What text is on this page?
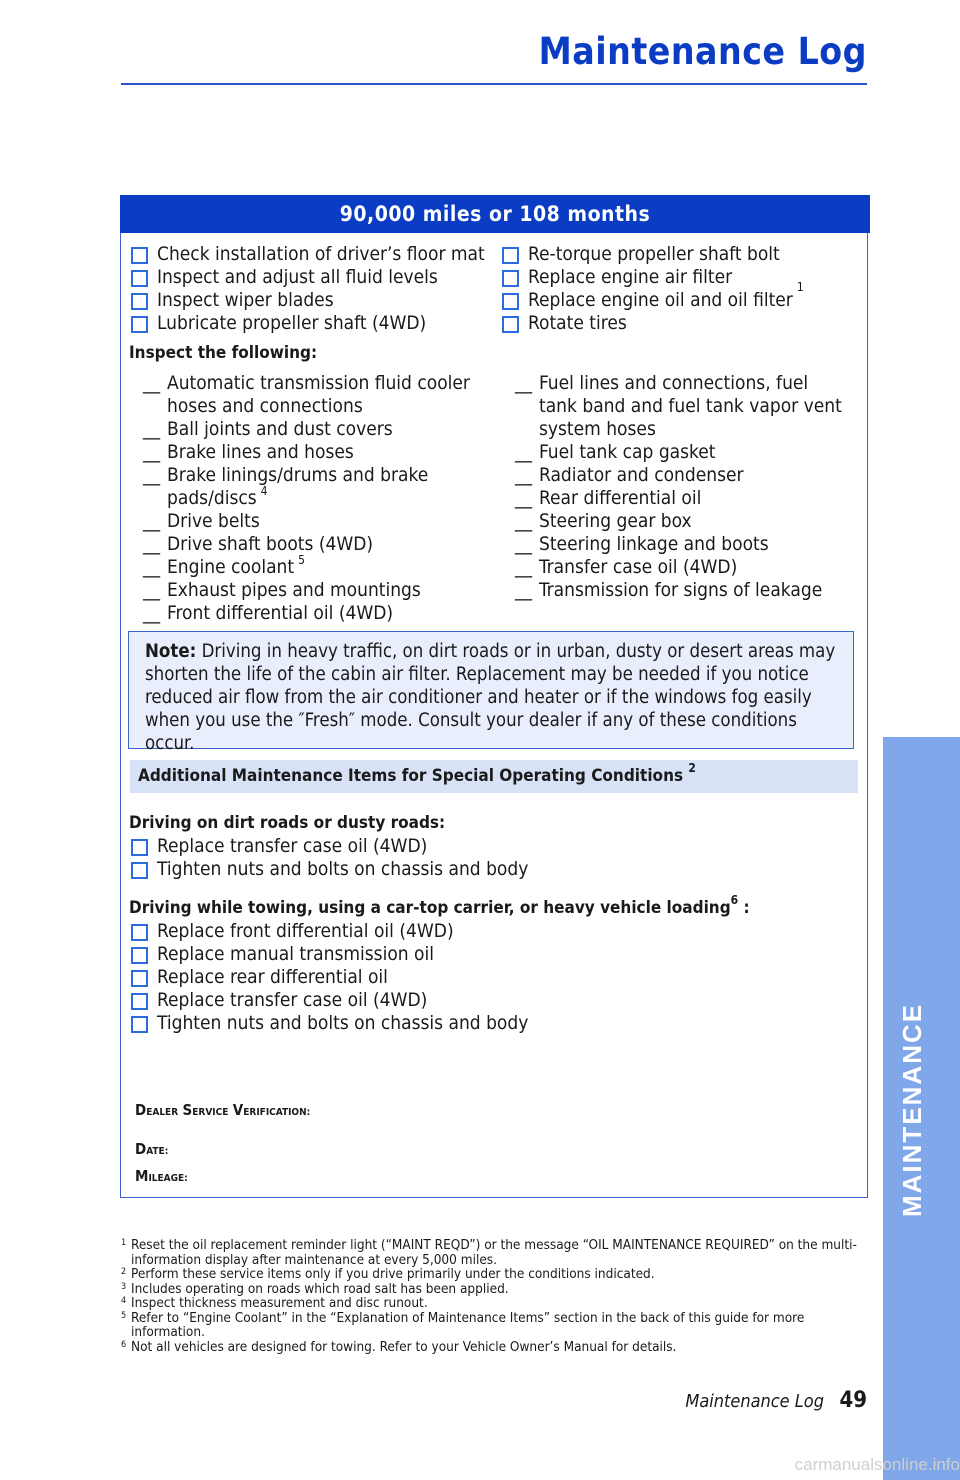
Maintenance Log
MAINTENANCE
90,000 miles or 108 months
Check installation of driver’s floor mat
Inspect and adjust all fluid levels
Inspect wiper blades
Lubricate propeller shaft (4WD)
Re-torque propeller shaft bolt
Replace engine air filter
Replace engine oil and oil filter
$^1$
Rotate tires
Inspect the following:
__ Automatic transmission fluid cooler hoses and connections
__ Ball joints and dust covers
__ Brake lines and hoses
__ Brake linings/drums and brake pads/discs $^4$
__ Drive belts
__ Drive shaft boots (4WD)
__ Engine coolant $^5$
__ Exhaust pipes and mountings
__ Front differential oil (4WD)
__ Fuel lines and connections, fuel tank band and fuel tank vapor vent system hoses
__ Fuel tank cap gasket
__ Radiator and condenser
__ Rear differential oil
__ Steering gear box
__ Steering linkage and boots
__ Transfer case oil (4WD)
__ Transmission for signs of leakage
Note: Driving in heavy traffic, on dirt roads or in urban, dusty or desert areas may shorten the life of the cabin air filter. Replacement may be needed if you notice reduced air flow from the air conditioner and heater or if the windows fog easily when you use the ″Fresh″ mode. Consult your dealer if any of these conditions occur.
Additional Maintenance Items for Special Operating Conditions $^2$
Driving on dirt roads or dusty roads:
Replace transfer case oil (4WD)
Tighten nuts and bolts on chassis and body
Driving while towing, using a car-top carrier, or heavy vehicle loading$^6$ :
Replace front differential oil (4WD)
Replace manual transmission oil
Replace rear differential oil
Replace transfer case oil (4WD)
Tighten nuts and bolts on chassis and body
DEALER SERVICE VERIFICATION:
DATE:
MILEAGE:
1 Reset the oil replacement reminder light (“MAINT REQD”) or the message “OIL MAINTENANCE REQUIRED” on the multi-information display after maintenance at every 5,000 miles.
2 Perform these service items only if you drive primarily under the conditions indicated.
3 Includes operating on roads which road salt has been applied.
4 Inspect thickness measurement and disc runout.
5 Refer to “Engine Coolant” in the “Explanation of Maintenance Items” section in the back of this guide for more information.
6 Not all vehicles are designed for towing. Refer to your Vehicle Owner’s Manual for details.
Maintenance Log 49
carmanualsonline.info
